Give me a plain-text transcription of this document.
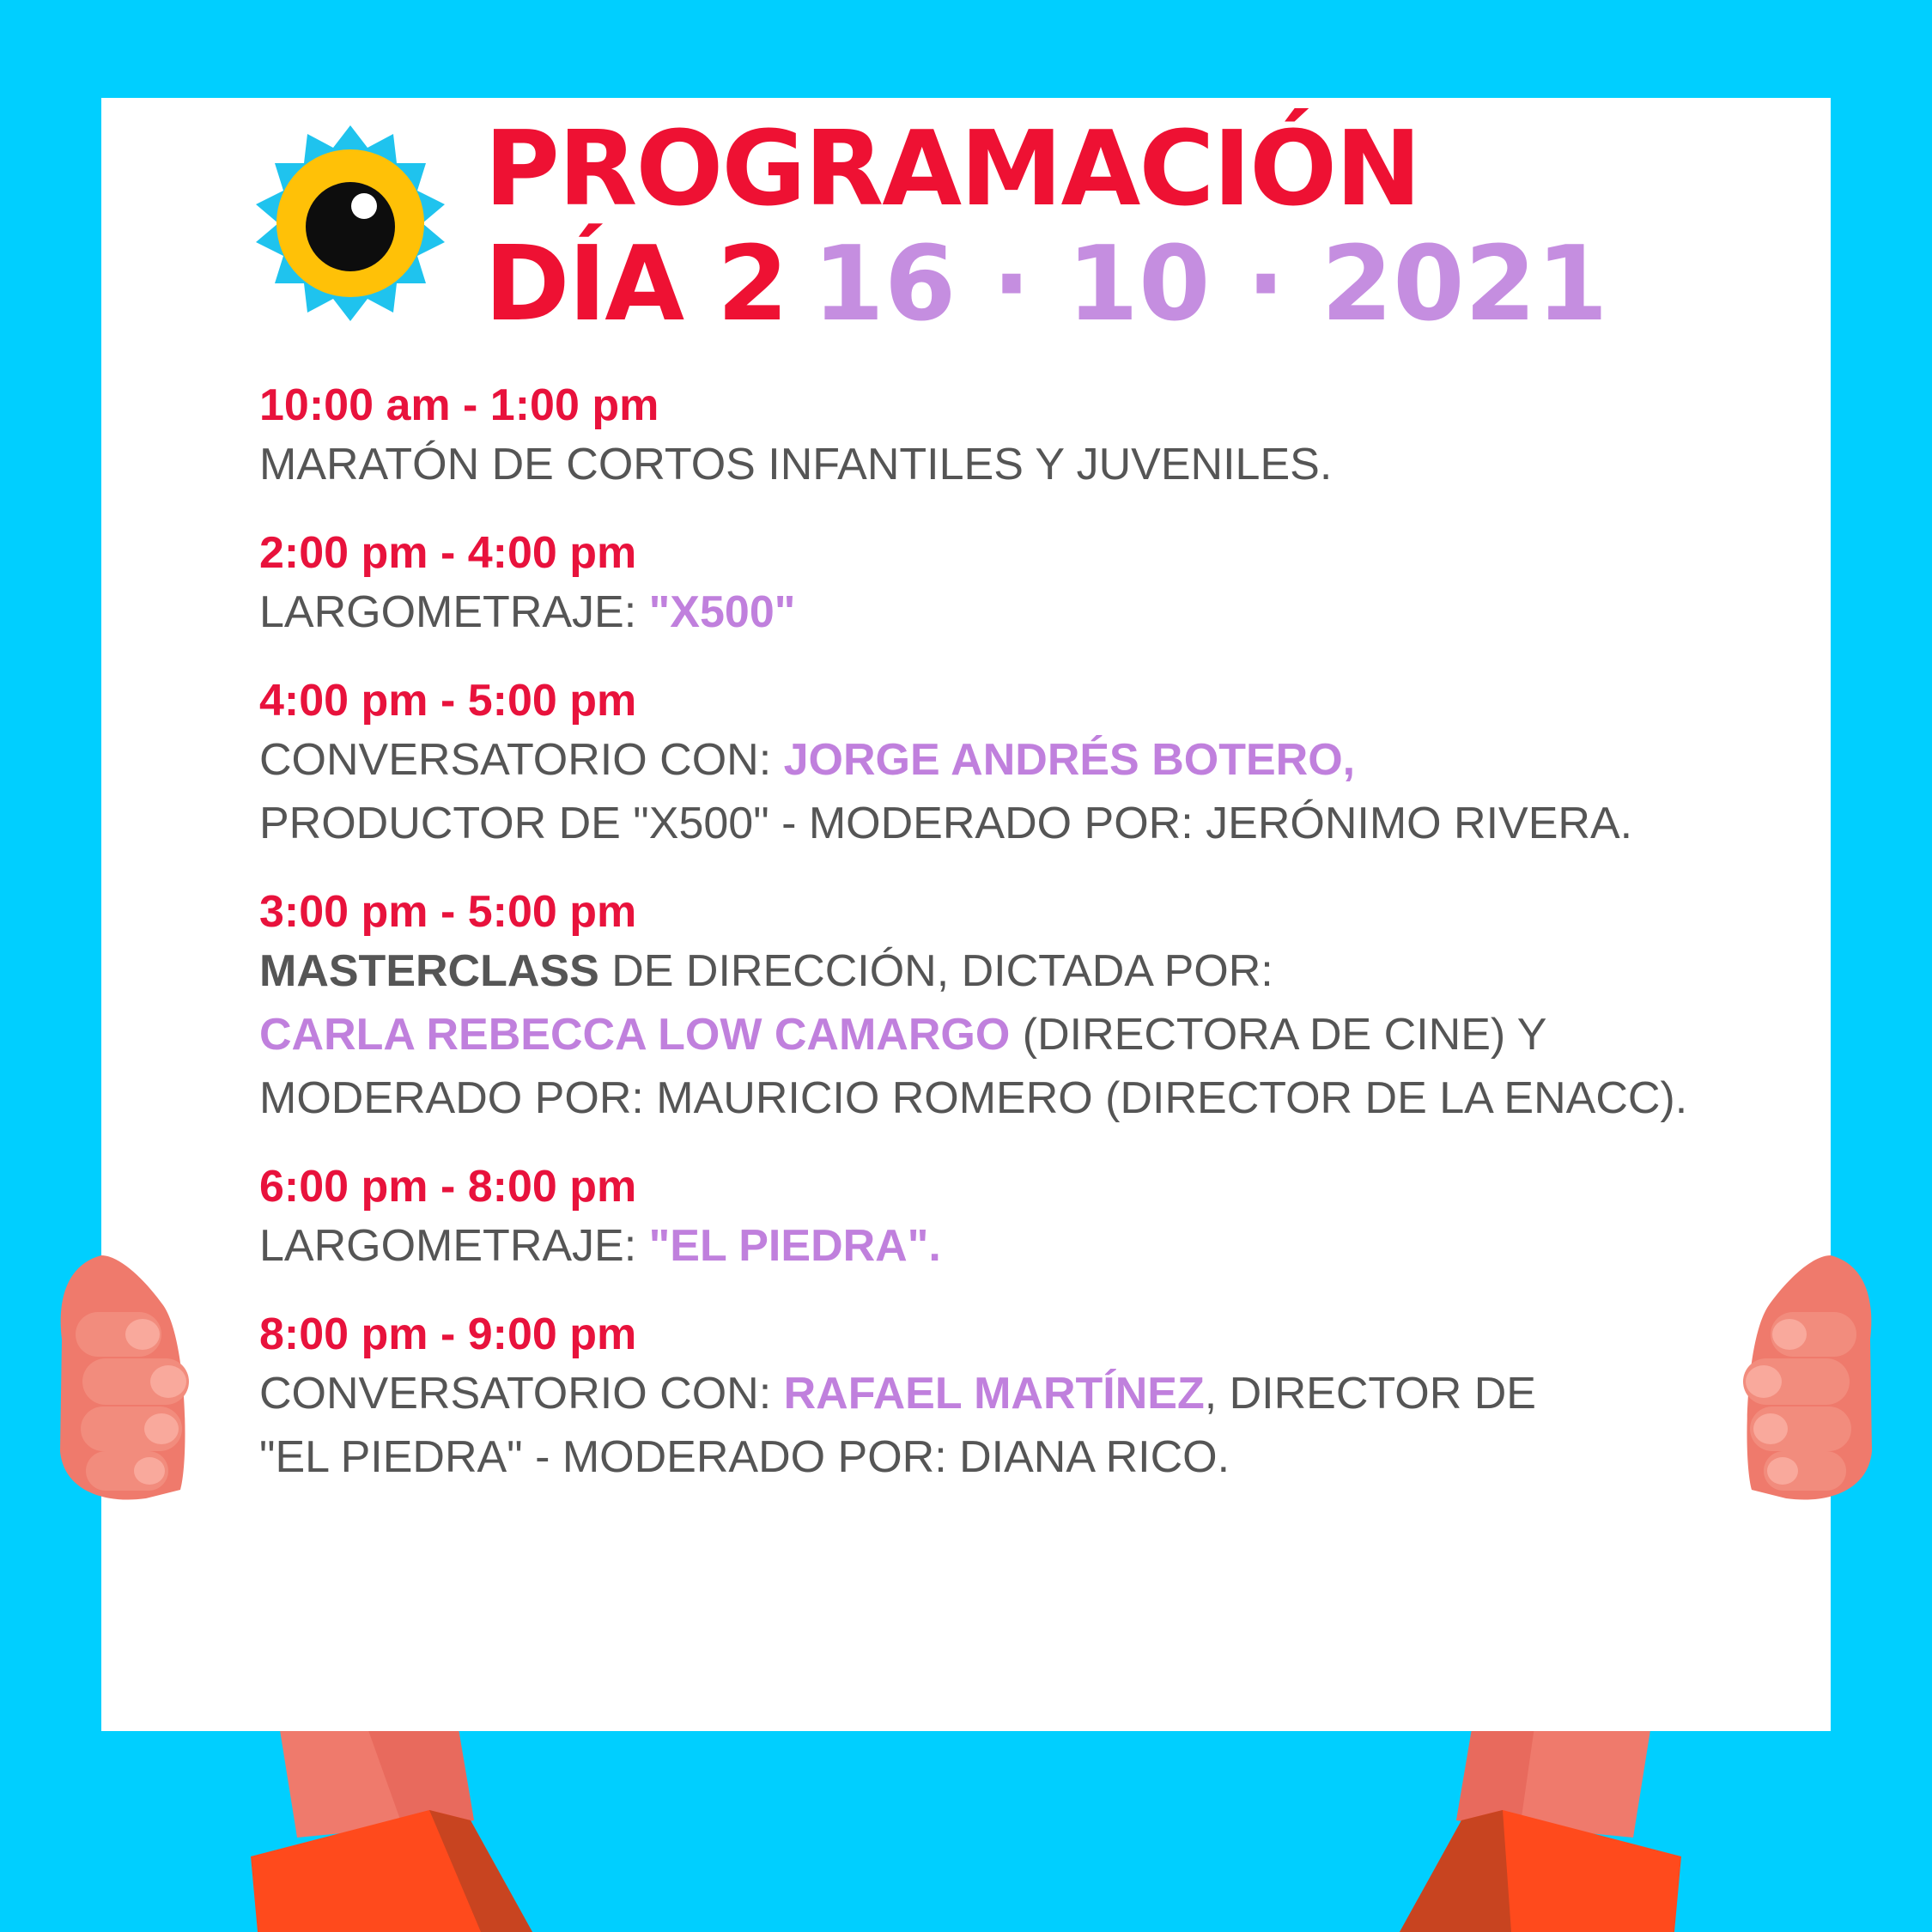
PROGRAMACIÓN
DÍA 2 16 · 10 · 2021
10:00 am - 1:00 pm
MARATÓN DE CORTOS INFANTILES Y JUVENILES.
2:00 pm - 4:00 pm
LARGOMETRAJE: "X500"
4:00 pm - 5:00 pm
CONVERSATORIO CON: JORGE ANDRÉS BOTERO,
PRODUCTOR DE "X500" - MODERADO POR: JERÓNIMO RIVERA.
3:00 pm - 5:00 pm
MASTERCLASS DE DIRECCIÓN, DICTADA POR:
CARLA REBECCA LOW CAMARGO (DIRECTORA DE CINE) Y
MODERADO POR: MAURICIO ROMERO (DIRECTOR DE LA ENACC).
6:00 pm - 8:00 pm
LARGOMETRAJE: "EL PIEDRA".
8:00 pm - 9:00 pm
CONVERSATORIO CON: RAFAEL MARTÍNEZ, DIRECTOR DE
"EL PIEDRA" - MODERADO POR: DIANA RICO.
